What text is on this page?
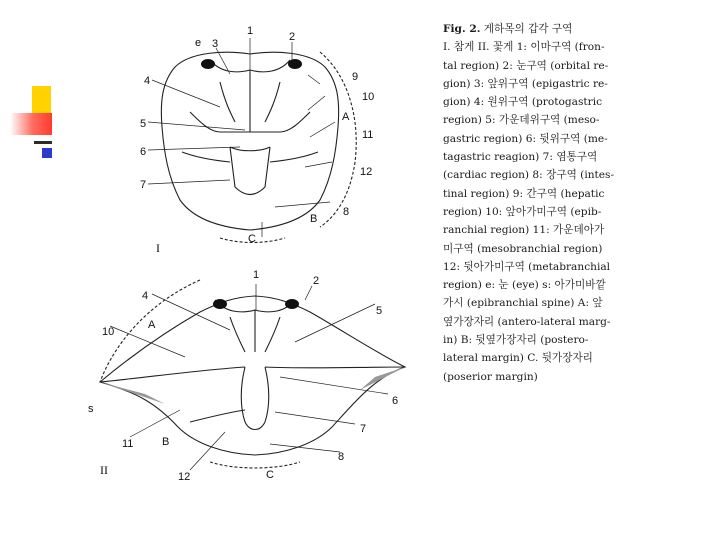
1	2
3
4
5
6
7
8
9
10
11
12
e
A
B
C
I
1	2
4
5
6
7
8
10
11
12
A
B
C
s
II
Fig. 2. 게하목의 갑각 구역
I. 참게 II. 꽃게 1: 이마구역 (fron-
tal region) 2: 눈구역 (orbital re-
gion) 3: 앞위구역 (epigastric re-
gion) 4: 원위구역 (protogastric
region) 5: 가운데위구역 (meso-
gastric region) 6: 뒷위구역 (me-
tagastric reagion) 7: 염통구역
(cardiac region) 8: 장구역 (intes-
tinal region) 9: 간구역 (hepatic
region) 10: 앞아가미구역 (epib-
ranchial region) 11: 가운데아가
미구역 (mesobranchial region)
12: 뒷아가미구역 (metabranchial
region) e: 눈 (eye) s: 아가미바깥
가시 (epibranchial spine) A: 앞
옆가장자리 (antero-lateral marg-
in) B: 뒷옆가장자리 (postero-
lateral margin) C. 뒷가장자리
(poserior margin)
